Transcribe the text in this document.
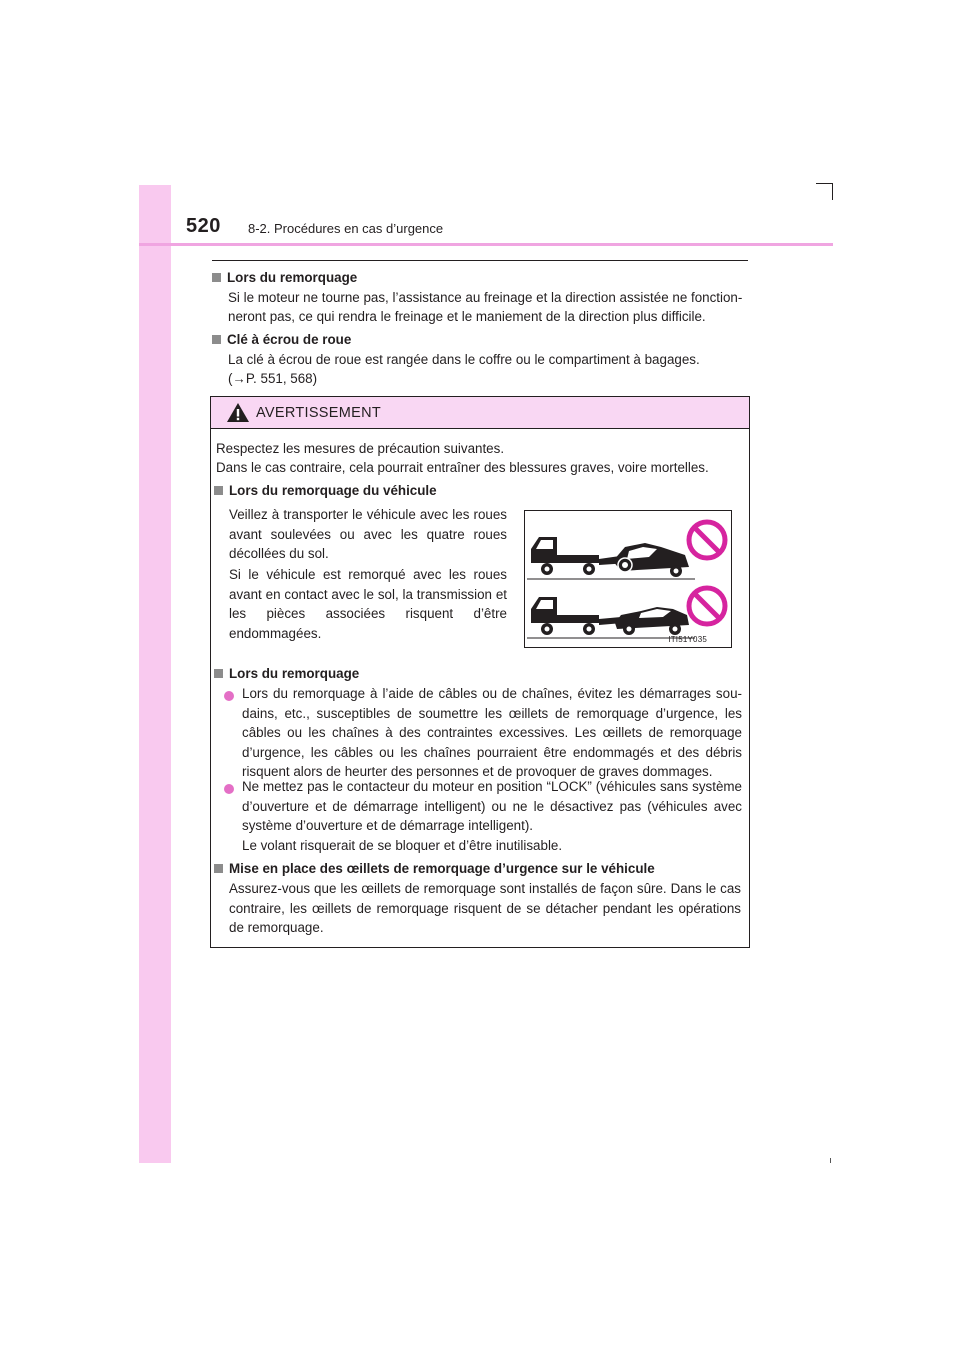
520 8-2. Procédures en cas d’urgence
Lors du remorquage
Si le moteur ne tourne pas, l’assistance au freinage et la direction assistée ne fonction-
neront pas, ce qui rendra le freinage et le maniement de la direction plus difficile.
Clé à écrou de roue
La clé à écrou de roue est rangée dans le coffre ou le compartiment à bagages.
(→P. 551, 568)
AVERTISSEMENT
Respectez les mesures de précaution suivantes.
Dans le cas contraire, cela pourrait entraîner des blessures graves, voire mortelles.
Lors du remorquage du véhicule
Veillez à transporter le véhicule avec les roues avant soulevées ou avec les quatre roues décollées du sol.
Si le véhicule est remorqué avec les roues avant en contact avec le sol, la transmission et les pièces associées risquent d’être endommagées.	ITI51Y035
Lors du remorquage
Lors du remorquage à l’aide de câbles ou de chaînes, évitez les démarrages soudains, etc., susceptibles de soumettre les œillets de remorquage d’urgence, les câbles ou les chaînes à des contraintes excessives. Les œillets de remorquage d’urgence, les câbles ou les chaînes pourraient être endommagés et des débris risquent alors de heurter des personnes et de provoquer de graves dommages.
Ne mettez pas le contacteur du moteur en position “LOCK” (véhicules sans système d’ouverture et de démarrage intelligent) ou ne le désactivez pas (véhicules avec système d’ouverture et de démarrage intelligent).
Le volant risquerait de se bloquer et d’être inutilisable.
Mise en place des œillets de remorquage d’urgence sur le véhicule
Assurez-vous que les œillets de remorquage sont installés de façon sûre. Dans le cas contraire, les œillets de remorquage risquent de se détacher pendant les opérations de remorquage.
